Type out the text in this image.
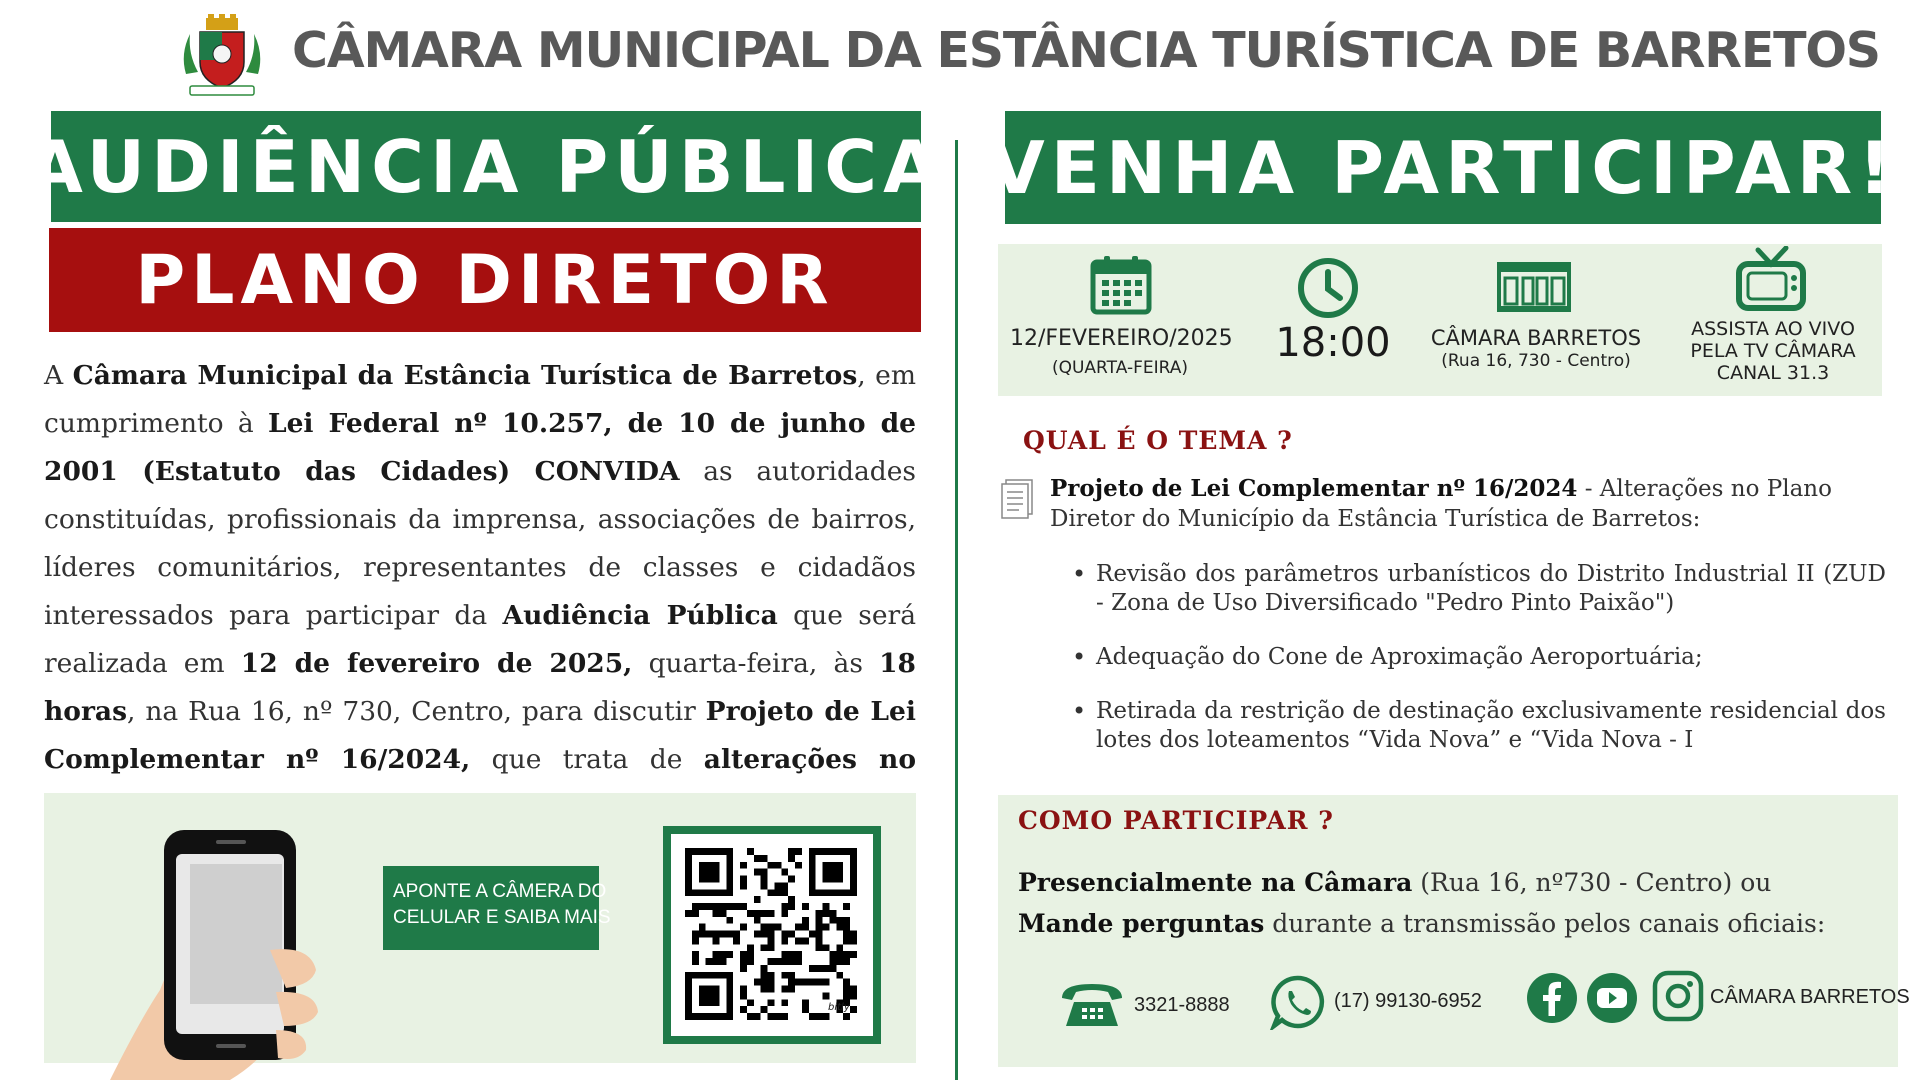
CÂMARA MUNICIPAL DA ESTÂNCIA TURÍSTICA DE BARRETOS
AUDIÊNCIA PÚBLICA
PLANO DIRETOR
VENHA PARTICIPAR!

A Câmara Municipal da Estância Turística de Barretos, em cumprimento à Lei Federal nº 10.257, de 10 de junho de 2001 (Estatuto das Cidades) CONVIDA as autoridades constituídas, profissionais da imprensa, associações de bairros, líderes comunitários, representantes de classes e cidadãos interessados para participar da Audiência Pública que será realizada em 12 de fevereiro de 2025, quarta-feira, às 18 horas, na Rua 16, nº 730, Centro, para discutir Projeto de Lei Complementar nº 16/2024, que trata de alterações no

APONTE A CÂMERA DO
CELULAR E SAIBA MAIS
bitly
12/FEVEREIRO/2025
(QUARTA-FEIRA)
18:00	CÂMARA BARRETOS
(Rua 16, 730 - Centro)
ASSISTA AO VIVO
PELA TV CÂMARA
CANAL 31.3
QUAL É O TEMA ?

Projeto de Lei Complementar nº 16/2024 - Alterações no Plano Diretor do Município da Estância Turística de Barretos:

• Revisão dos parâmetros urbanísticos do Distrito Industrial II (ZUD - Zona de Uso Diversificado "Pedro Pinto Paixão")
• Adequação do Cone de Aproximação Aeroportuária;
• Retirada da restrição de destinação exclusivamente residencial dos lotes dos loteamentos “Vida Nova” e “Vida Nova - I
COMO PARTICIPAR ?
Presencialmente na Câmara (Rua 16, nº730 - Centro) ou
Mande perguntas durante a transmissão pelos canais oficiais:
3321-8888	(17) 99130-6952	CÂMARA BARRETOS
